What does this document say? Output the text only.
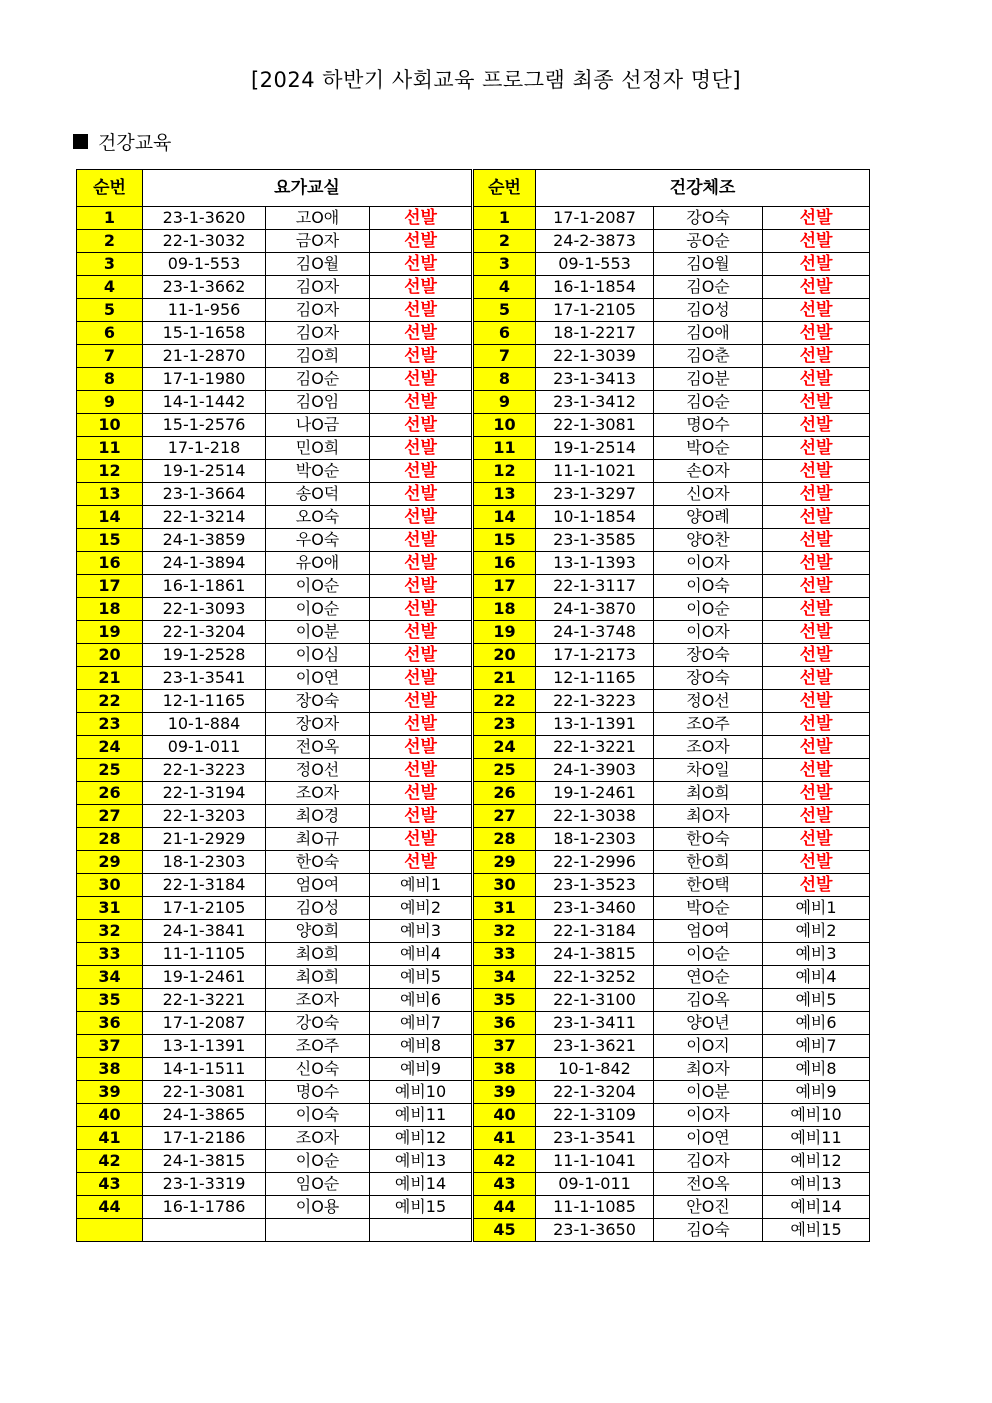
[2024 하반기 사회교육 프로그램 최종 선정자 명단]
건강교육
순번	요가교실		
1	23-1-3620	고O애	선발
2	22-1-3032	금O자	선발
3	09-1-553	김O월	선발
4	23-1-3662	김O자	선발
5	11-1-956	김O자	선발
6	15-1-1658	김O자	선발
7	21-1-2870	김O희	선발
8	17-1-1980	김O순	선발
9	14-1-1442	김O임	선발
10	15-1-2576	나O금	선발
11	17-1-218	민O희	선발
12	19-1-2514	박O순	선발
13	23-1-3664	송O덕	선발
14	22-1-3214	오O숙	선발
15	24-1-3859	우O숙	선발
16	24-1-3894	유O애	선발
17	16-1-1861	이O순	선발
18	22-1-3093	이O순	선발
19	22-1-3204	이O분	선발
20	19-1-2528	이O심	선발
21	23-1-3541	이O연	선발
22	12-1-1165	장O숙	선발
23	10-1-884	장O자	선발
24	09-1-011	전O옥	선발
25	22-1-3223	정O선	선발
26	22-1-3194	조O자	선발
27	22-1-3203	최O경	선발
28	21-1-2929	최O규	선발
29	18-1-2303	한O숙	선발
30	22-1-3184	엄O여	예비1
31	17-1-2105	김O성	예비2
32	24-1-3841	양O희	예비3
33	11-1-1105	최O희	예비4
34	19-1-2461	최O희	예비5
35	22-1-3221	조O자	예비6
36	17-1-2087	강O숙	예비7
37	13-1-1391	조O주	예비8
38	14-1-1511	신O숙	예비9
39	22-1-3081	명O수	예비10
40	24-1-3865	이O숙	예비11
41	17-1-2186	조O자	예비12
42	24-1-3815	이O순	예비13
43	23-1-3319	임O순	예비14
44	16-1-1786	이O용	예비15

순번	건강체조		
1	17-1-2087	강O숙	선발
2	24-2-3873	공O순	선발
3	09-1-553	김O월	선발
4	16-1-1854	김O순	선발
5	17-1-2105	김O성	선발
6	18-1-2217	김O애	선발
7	22-1-3039	김O춘	선발
8	23-1-3413	김O분	선발
9	23-1-3412	김O순	선발
10	22-1-3081	명O수	선발
11	19-1-2514	박O순	선발
12	11-1-1021	손O자	선발
13	23-1-3297	신O자	선발
14	10-1-1854	양O례	선발
15	23-1-3585	양O찬	선발
16	13-1-1393	이O자	선발
17	22-1-3117	이O숙	선발
18	24-1-3870	이O순	선발
19	24-1-3748	이O자	선발
20	17-1-2173	장O숙	선발
21	12-1-1165	장O숙	선발
22	22-1-3223	정O선	선발
23	13-1-1391	조O주	선발
24	22-1-3221	조O자	선발
25	24-1-3903	차O일	선발
26	19-1-2461	최O희	선발
27	22-1-3038	최O자	선발
28	18-1-2303	한O숙	선발
29	22-1-2996	한O희	선발
30	23-1-3523	한O택	선발
31	23-1-3460	박O순	예비1
32	22-1-3184	엄O여	예비2
33	24-1-3815	이O순	예비3
34	22-1-3252	연O순	예비4
35	22-1-3100	김O옥	예비5
36	23-1-3411	양O년	예비6
37	23-1-3621	이O지	예비7
38	10-1-842	최O자	예비8
39	22-1-3204	이O분	예비9
40	22-1-3109	이O자	예비10
41	23-1-3541	이O연	예비11
42	11-1-1041	김O자	예비12
43	09-1-011	전O옥	예비13
44	11-1-1085	안O진	예비14
45	23-1-3650	김O숙	예비15
